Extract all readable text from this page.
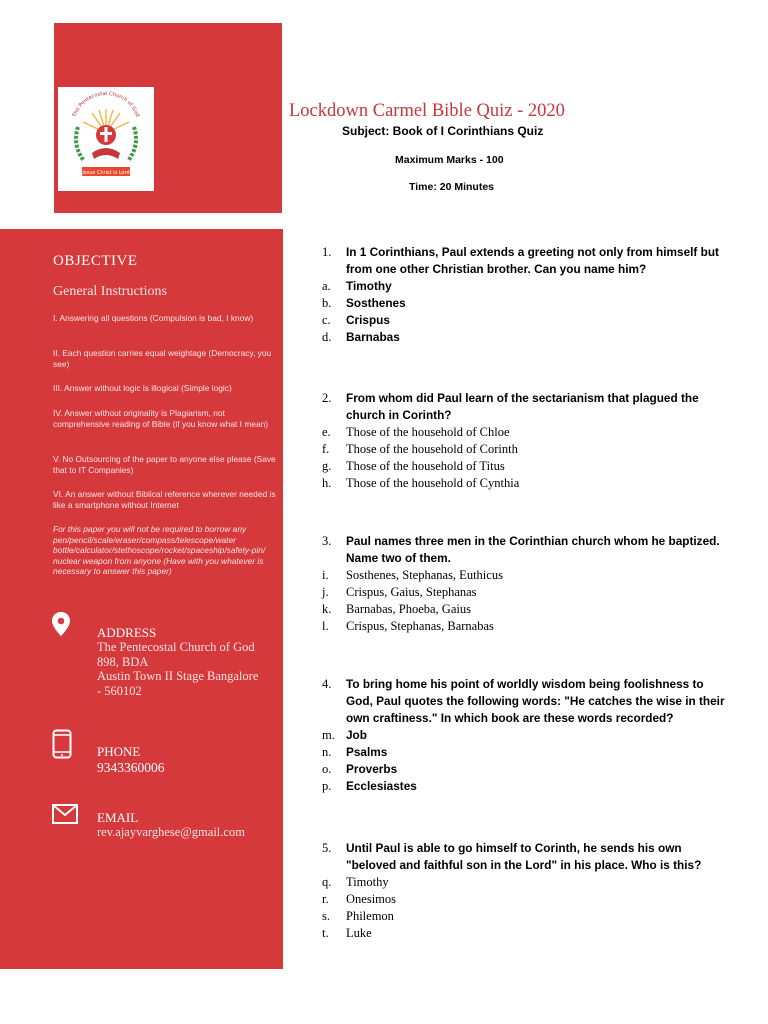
The Pentecostal Church of God
Jesus Christ is Lord
Lockdown Carmel Bible Quiz - 2020
Subject: Book of I Corinthians Quiz
Maximum Marks - 100
Time: 20 Minutes
OBJECTIVE
General Instructions
I. Answering all questions (Compulsion is bad, I know)
II. Each question carries equal weightage (Democracy, you see)
III. Answer without logic is illogical (Simple logic)
IV. Answer without originality is Plagiarism, not comprehensive reading of Bible (if you know what I mean)
V. No Outsourcing of the paper to anyone else please (Save that to IT Companies)
VI. An answer without Biblical reference wherever needed is like a smartphone without Internet
For this paper you will not be required to borrow any pen/pencil/scale/eraser/compass/telescope/water bottle/calculator/stethoscope/rocket/spaceship/safety-pin/ nuclear weapon from anyone (Have with you whatever is necessary to answer this paper)
ADDRESS
The Pentecostal Church of God
898, BDA
Austin Town II Stage Bangalore
- 560102
PHONE
9343360006
EMAIL
rev.ajayvarghese@gmail.com
1. In 1 Corinthians, Paul extends a greeting not only from himself but from one other Christian brother. Can you name him?
a. Timothy
b. Sosthenes
c. Crispus
d. Barnabas
2. From whom did Paul learn of the sectarianism that plagued the church in Corinth?
e. Those of the household of Chloe
f. Those of the household of Corinth
g. Those of the household of Titus
h. Those of the household of Cynthia
3. Paul names three men in the Corinthian church whom he baptized. Name two of them.
i. Sosthenes, Stephanas, Euthicus
j. Crispus, Gaius, Stephanas
k. Barnabas, Phoeba, Gaius
l. Crispus, Stephanas, Barnabas
4. To bring home his point of worldly wisdom being foolishness to God, Paul quotes the following words: "He catches the wise in their own craftiness." In which book are these words recorded?
m. Job
n. Psalms
o. Proverbs
p. Ecclesiastes
5. Until Paul is able to go himself to Corinth, he sends his own "beloved and faithful son in the Lord" in his place. Who is this?
q. Timothy
r. Onesimos
s. Philemon
t. Luke
